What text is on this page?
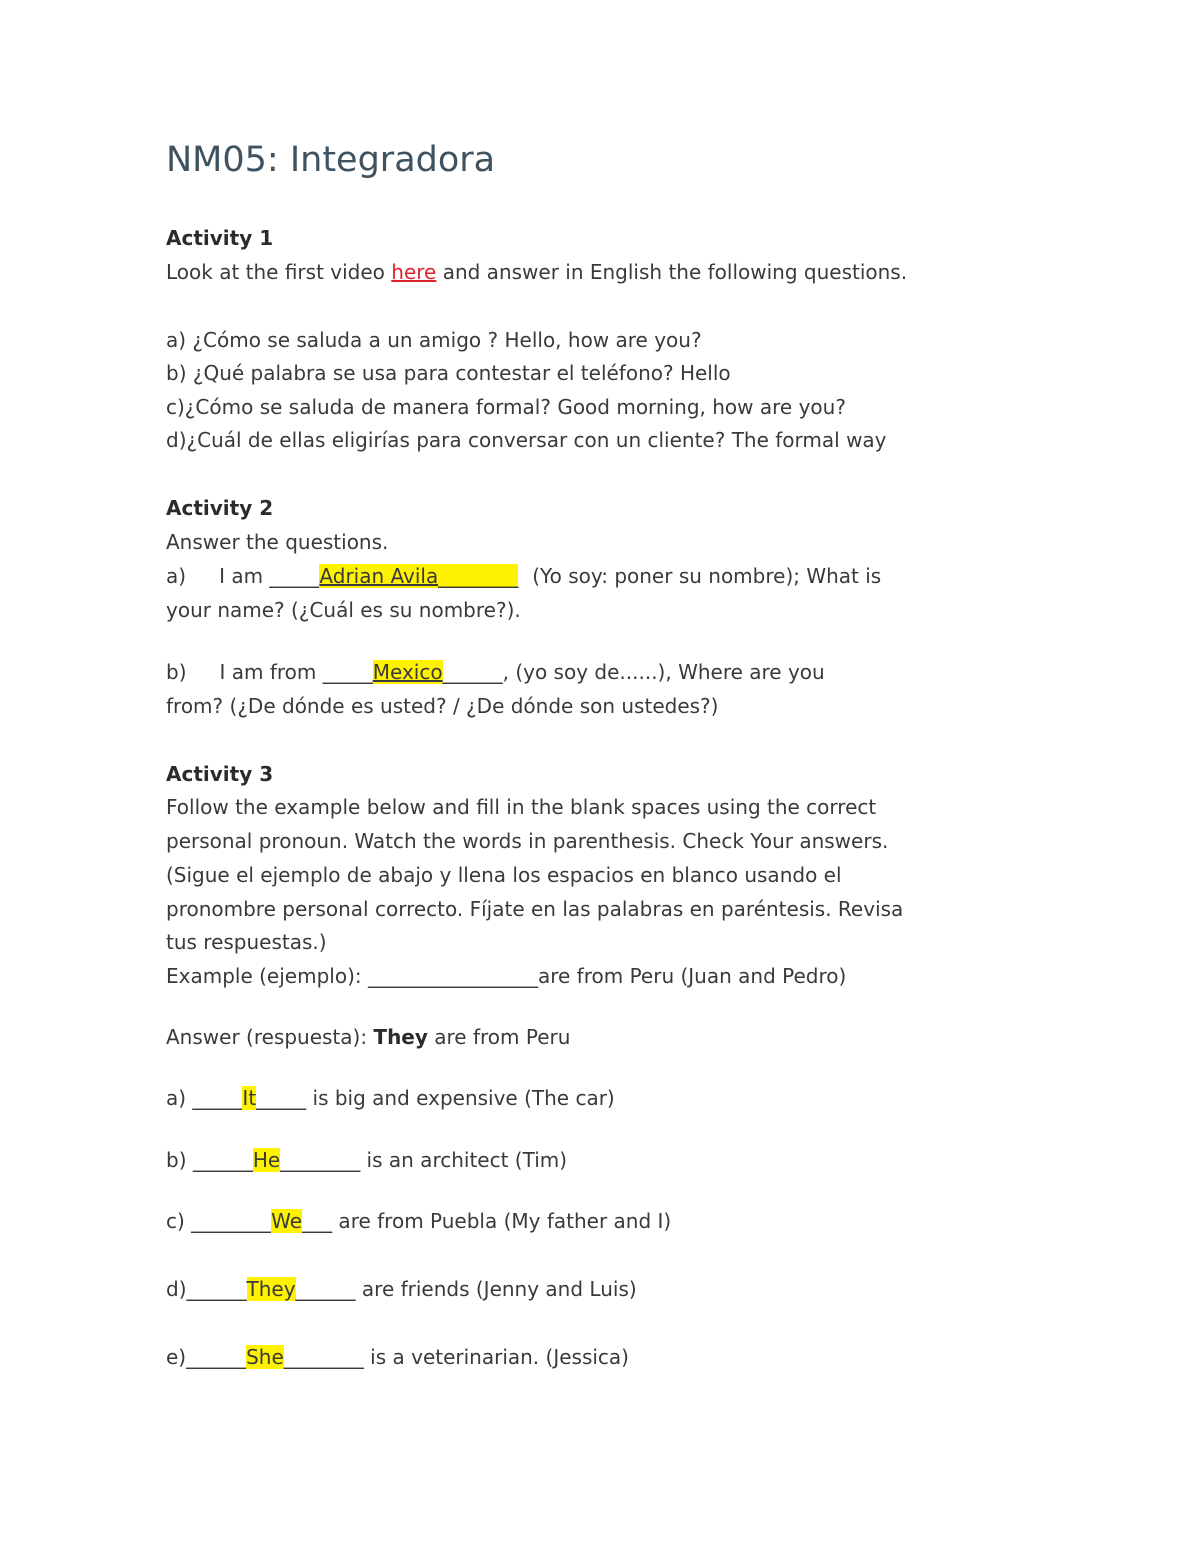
NM05: Integradora
Activity 1
Look at the first video here and answer in English the following questions.
a) ¿Cómo se saluda a un amigo ? Hello, how are you?
b) ¿Qué palabra se usa para contestar el teléfono? Hello
c)¿Cómo se saluda de manera formal? Good morning, how are you?
d)¿Cuál de ellas eligirías para conversar con un cliente? The formal way
Activity 2
Answer the questions.
a) I am _____Adrian Avila________ (Yo soy: poner su nombre); What is
your name? (¿Cuál es su nombre?).
b) I am from _____Mexico______, (yo soy de......), Where are you
from? (¿De dónde es usted? / ¿De dónde son ustedes?)
Activity 3
Follow the example below and fill in the blank spaces using the correct
personal pronoun. Watch the words in parenthesis. Check Your answers.
(Sigue el ejemplo de abajo y llena los espacios en blanco usando el
pronombre personal correcto. Fíjate en las palabras en paréntesis. Revisa
tus respuestas.)
Example (ejemplo): _________________are from Peru (Juan and Pedro)
Answer (respuesta): They are from Peru
a) _____It_____ is big and expensive (The car)
b) ______He________ is an architect (Tim)
c) ________We___ are from Puebla (My father and I)
d)______They______ are friends (Jenny and Luis)
e)______She________ is a veterinarian. (Jessica)
